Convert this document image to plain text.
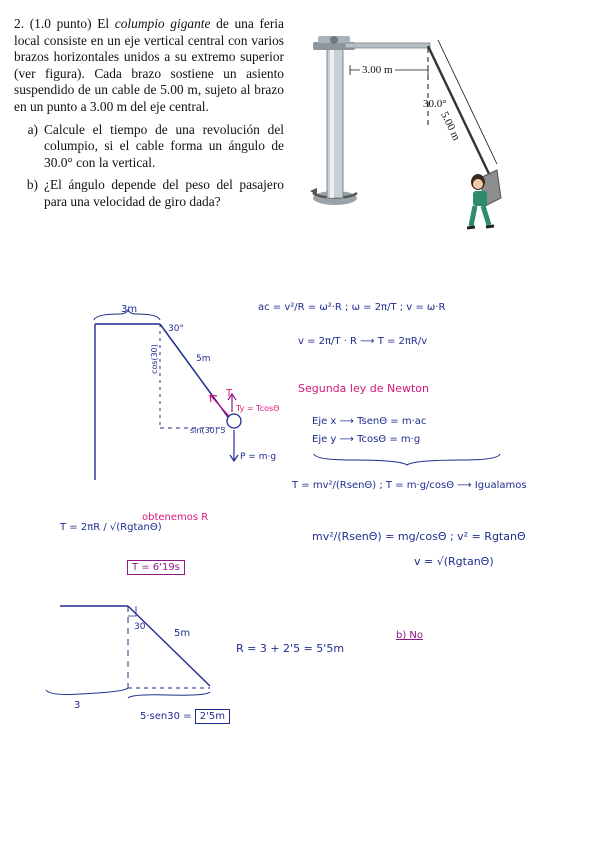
2. (1.0 punto) El columpio gigante de una feria local consiste en un eje vertical central con varios brazos horizontales unidos a su extremo superior (ver figura). Cada brazo sostiene un asiento suspendido de un cable de 5.00 m, sujeto al brazo en un punto a 3.00 m del eje central.

a) Calcule el tiempo de una revolución del columpio, si el cable forma un ángulo de 30.0° con la vertical.
b) ¿El ángulo depende del peso del pasajero para una velocidad de giro dada?
3.00 m
30.0°
5.00 m
3m
30°
5m
cos(30)
sin(30) 5
T
Ty = TcosΘ
P = m·g
ac = v²/R = ω²·R ; ω = 2π/T ; v = ω·R
v = 2π/T · R ⟶ T = 2πR/v
Segunda ley de Newton
Eje x ⟶ TsenΘ = m·ac
Eje y ⟶ TcosΘ = m·g
T = mv²/(RsenΘ) ; T = m·g/cosΘ ⟶ Igualamos
mv²/(RsenΘ) = mg/cosΘ ; v² = RgtanΘ
v = √(RgtanΘ)
T = 2πR / √(RgtanΘ)
obtenemos R
T = 6'19s
30
5m
3
5·sen30 = 2'5m
R = 3 + 2'5 = 5'5m
b) No
